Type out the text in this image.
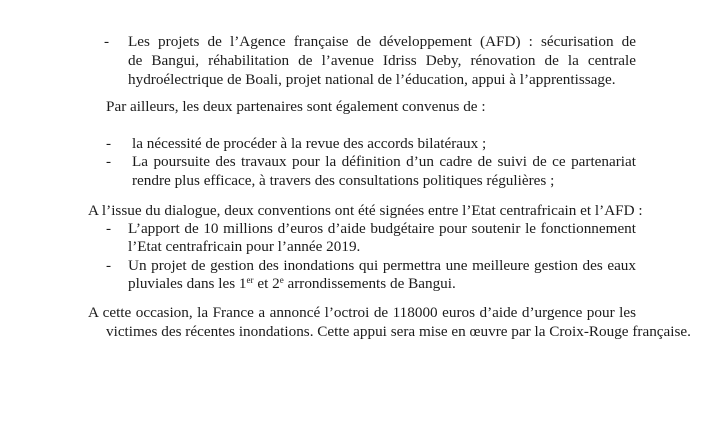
- Les projets de l’Agence française de développement (AFD) : sécurisation de
de Bangui, réhabilitation de l’avenue Idriss Deby, rénovation de la centrale
hydroélectrique de Boali, projet national de l’éducation, appui à l’apprentissage.
Par ailleurs, les deux partenaires sont également convenus de :
- la nécessité de procéder à la revue des accords bilatéraux ;
- La poursuite des travaux pour la définition d’un cadre de suivi de ce partenariat
rendre plus efficace, à travers des consultations politiques régulières ;
A l’issue du dialogue, deux conventions ont été signées entre l’Etat centrafricain et l’AFD :
- L’apport de 10 millions d’euros d’aide budgétaire pour soutenir le fonctionnement
l’Etat centrafricain pour l’année 2019.
- Un projet de gestion des inondations qui permettra une meilleure gestion des eaux
pluviales dans les 1er et 2e arrondissements de Bangui.
A cette occasion, la France a annoncé l’octroi de 118000 euros d’aide d’urgence pour les
victimes des récentes inondations. Cette appui sera mise en œuvre par la Croix-Rouge française.
